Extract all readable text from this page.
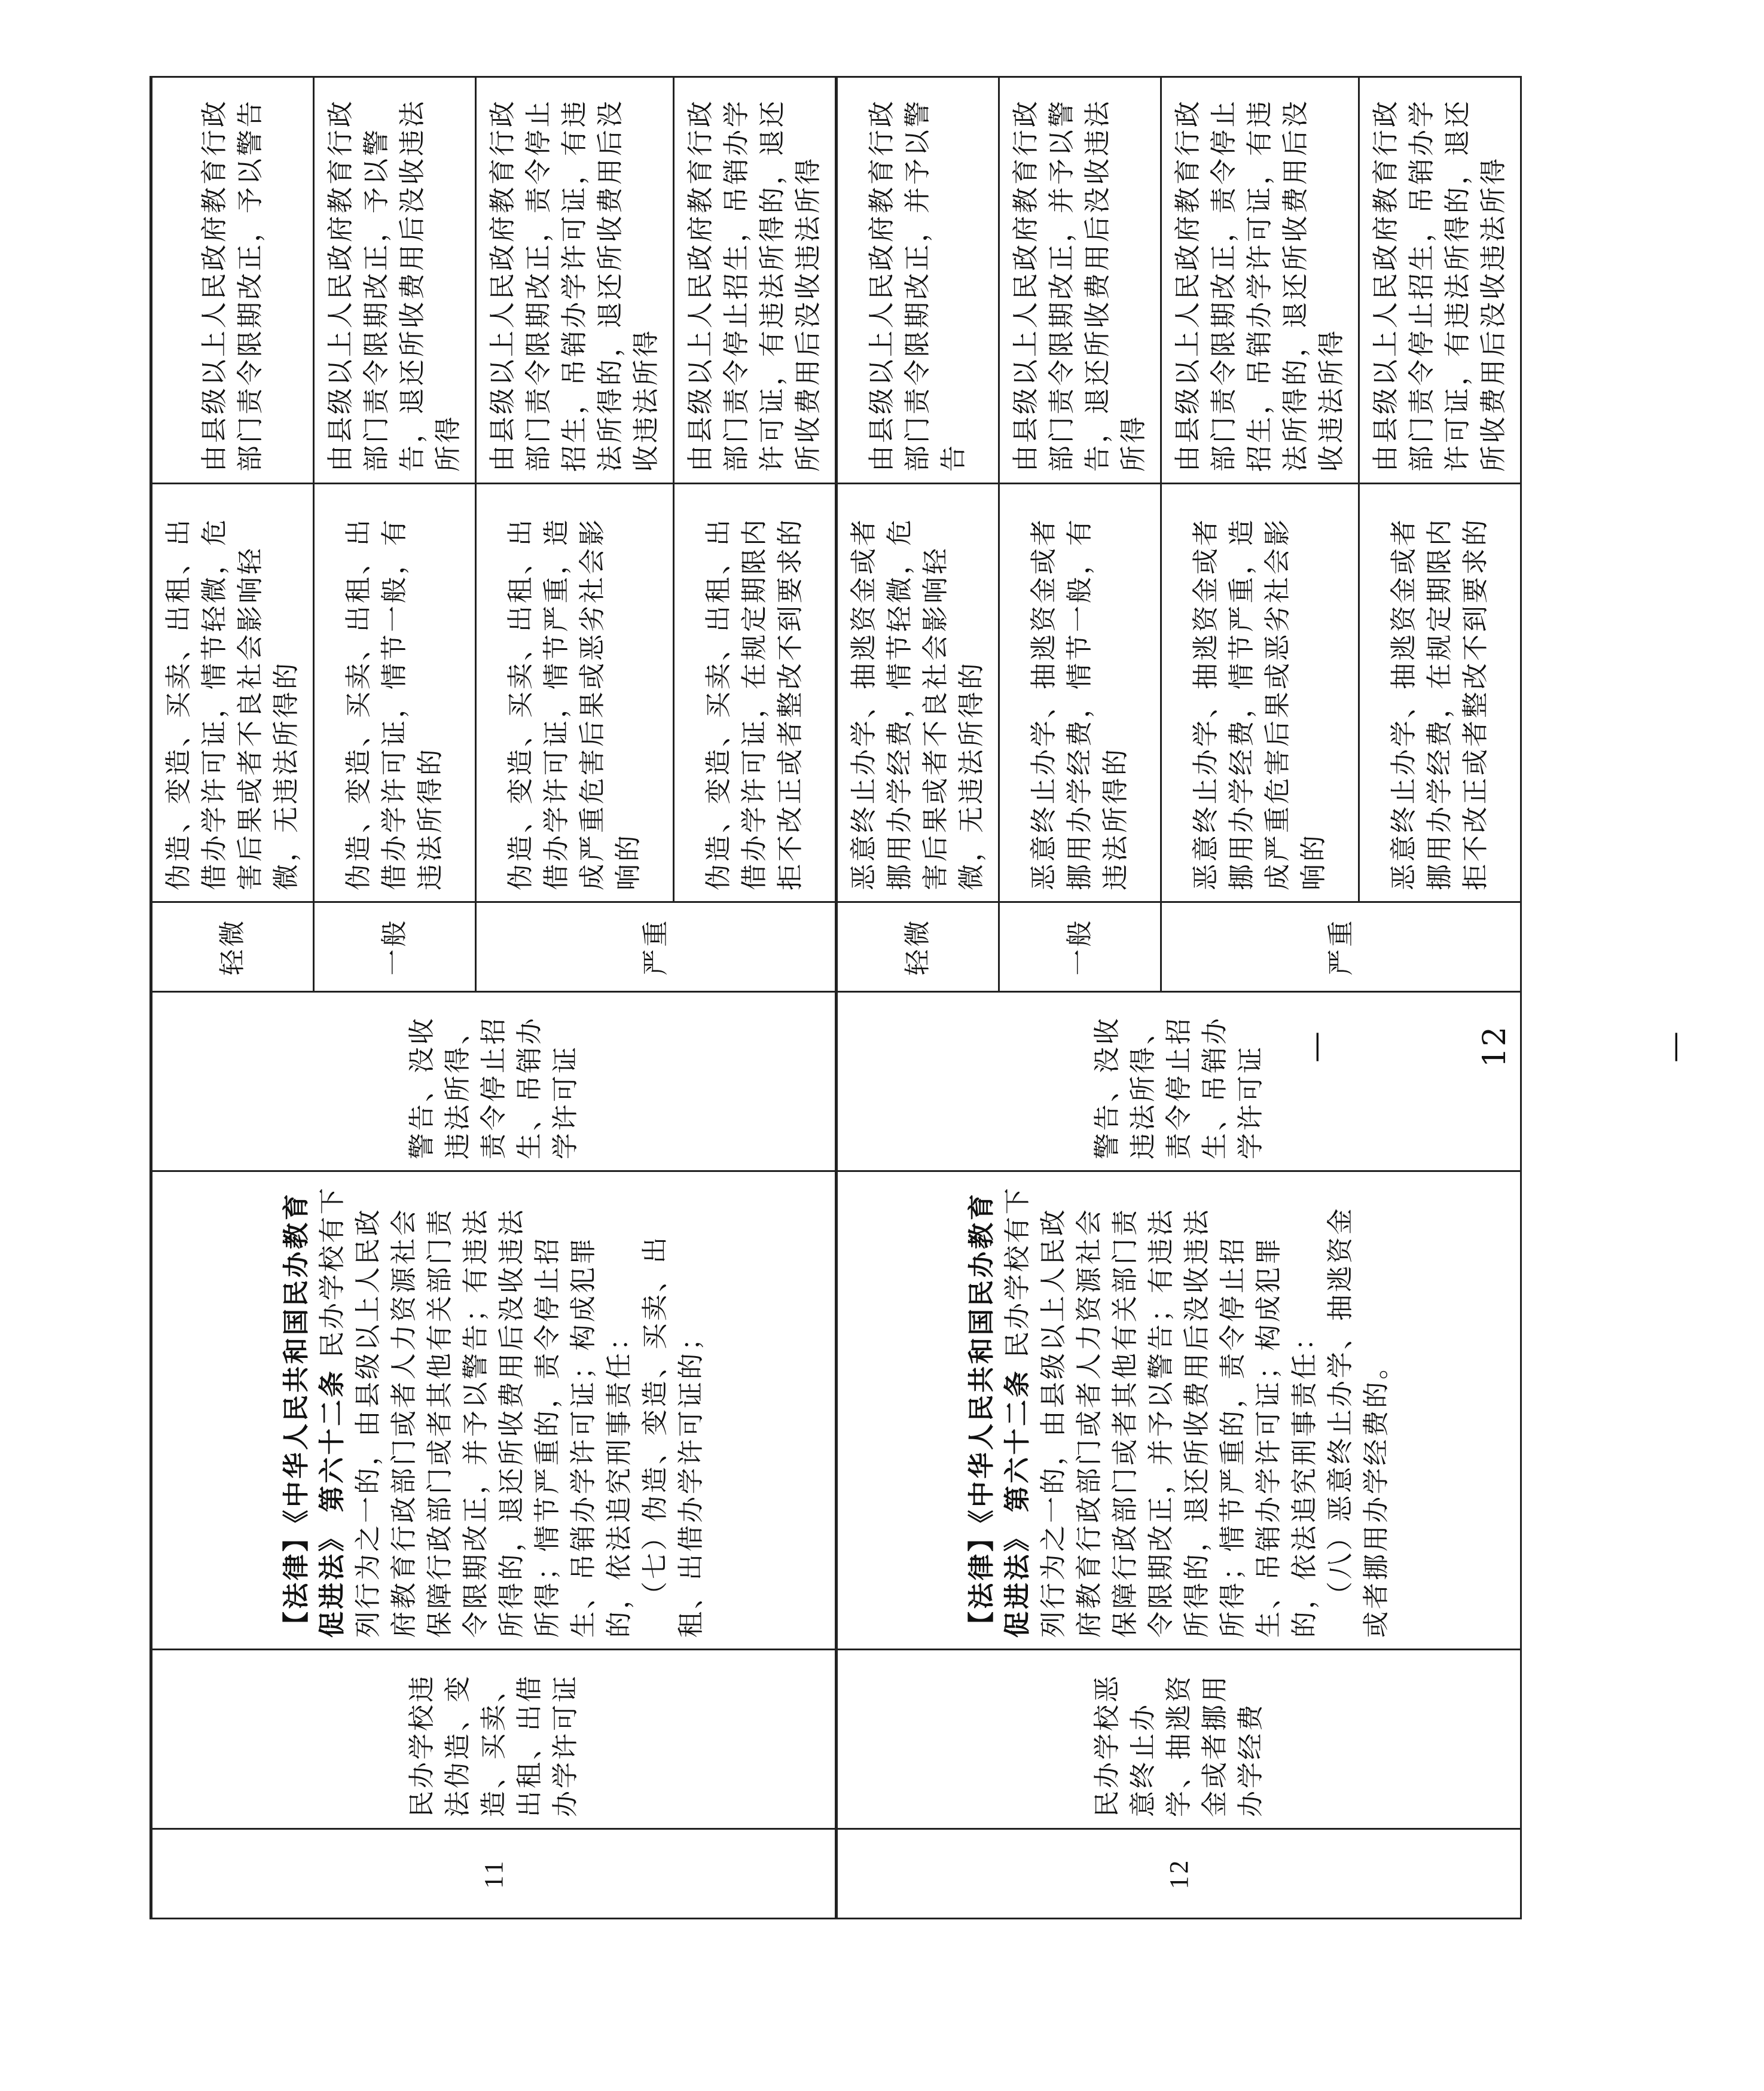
11	民办学校违法伪造、变造、买卖、出租、出借办学许可证	【法律】《中华人民共和国民办教育促进法》 第六十二条 民办学校有下列行为之一的，由县级以上人民政府教育行政部门或者人力资源社会保障行政部门或者其他有关部门责令限期改正，并予以警告；有违法所得的，退还所收费用后没收违法所得；情节严重的，责令停止招生、吊销办学许可证；构成犯罪的，依法追究刑事责任： （七）伪造、变造、买卖、出租、出借办学许可证的；	警告、没收违法所得、责令停止招生、吊销办学许可证	轻微	伪造、变造、买卖、出租、出借办学许可证，情节轻微，危害后果或者不良社会影响轻微，无违法所得的	由县级以上人民政府教育行政部门责令限期改正，予以警告
				一般	伪造、变造、买卖、出租、出借办学许可证，情节一般，有违法所得的	由县级以上人民政府教育行政部门责令限期改正，予以警告，退还所收费用后没收违法所得
				严重	伪造、变造、买卖、出租、出借办学许可证，情节严重，造成严重危害后果或恶劣社会影响的	由县级以上人民政府教育行政部门责令限期改正，责令停止招生，吊销办学许可证，有违法所得的，退还所收费用后没收违法所得
					伪造、变造、买卖、出租、出借办学许可证，在规定期限内拒不改正或者整改不到要求的	由县级以上人民政府教育行政部门责令停止招生，吊销办学许可证，有违法所得的，退还所收费用后没收违法所得
12	民办学校恶意终止办学、抽逃资金或者挪用办学经费	【法律】《中华人民共和国民办教育促进法》 第六十二条 民办学校有下列行为之一的，由县级以上人民政府教育行政部门或者人力资源社会保障行政部门或者其他有关部门责令限期改正，并予以警告；有违法所得的，退还所收费用后没收违法所得；情节严重的，责令停止招生、吊销办学许可证；构成犯罪的，依法追究刑事责任： （八）恶意终止办学、抽逃资金或者挪用办学经费的。	警告、没收违法所得、责令停止招生、吊销办学许可证	轻微	恶意终止办学、抽逃资金或者挪用办学经费，情节轻微，危害后果或者不良社会影响轻微，无违法所得的	由县级以上人民政府教育行政部门责令限期改正，并予以警告
				一般	恶意终止办学、抽逃资金或者挪用办学经费，情节一般，有违法所得的	由县级以上人民政府教育行政部门责令限期改正，并予以警告，退还所收费用后没收违法所得
				严重	恶意终止办学、抽逃资金或者挪用办学经费，情节严重，造成严重危害后果或恶劣社会影响的	由县级以上人民政府教育行政部门责令限期改正，责令停止招生，吊销办学许可证，有违法所得的，退还所收费用后没收违法所得
					恶意终止办学、抽逃资金或者挪用办学经费，在规定期限内拒不改正或者整改不到要求的	由县级以上人民政府教育行政部门责令停止招生，吊销办学许可证，有违法所得的，退还所收费用后没收违法所得
—12—
